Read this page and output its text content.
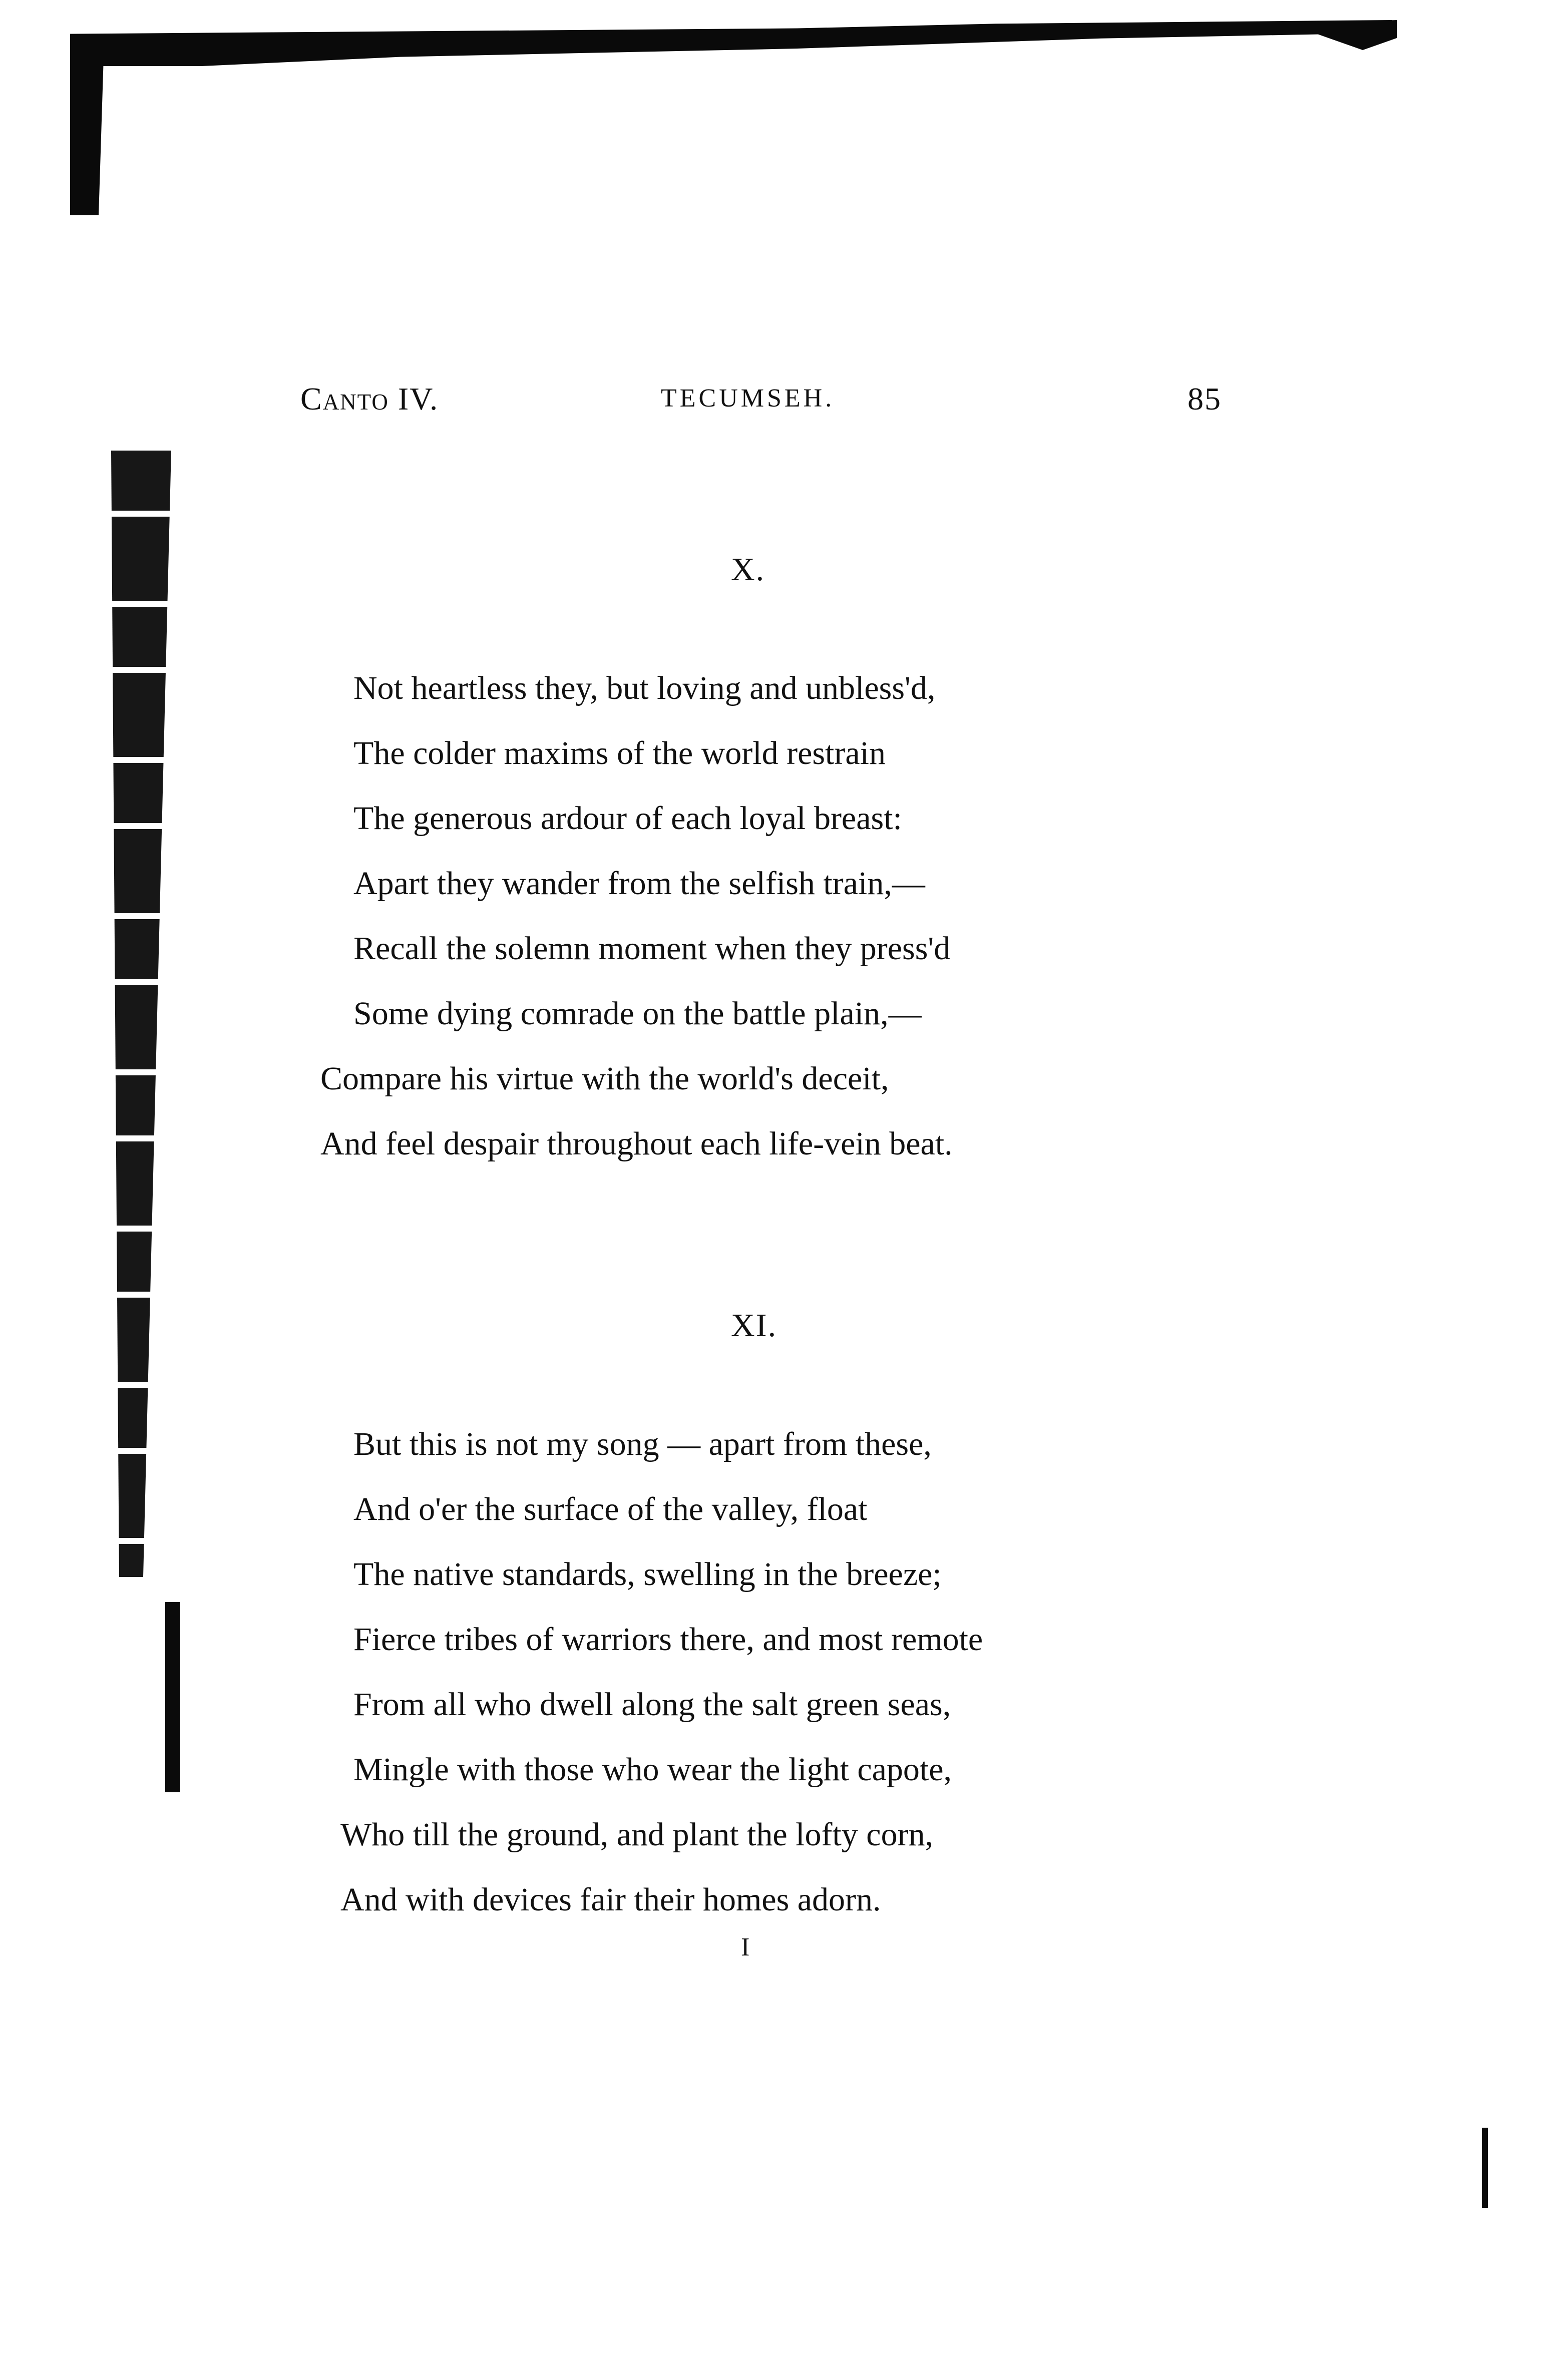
Canto IV.	TECUMSEH.	85
X.
Not heartless they, but loving and unbless'd,
The colder maxims of the world restrain
The generous ardour of each loyal breast:
Apart they wander from the selfish train,—
Recall the solemn moment when they press'd
Some dying comrade on the battle plain,—
Compare his virtue with the world's deceit,
And feel despair throughout each life-vein beat.
XI.
But this is not my song — apart from these,
And o'er the surface of the valley, float
The native standards, swelling in the breeze;
Fierce tribes of warriors there, and most remote
From all who dwell along the salt green seas,
Mingle with those who wear the light capote,
Who till the ground, and plant the lofty corn,
And with devices fair their homes adorn.
I
